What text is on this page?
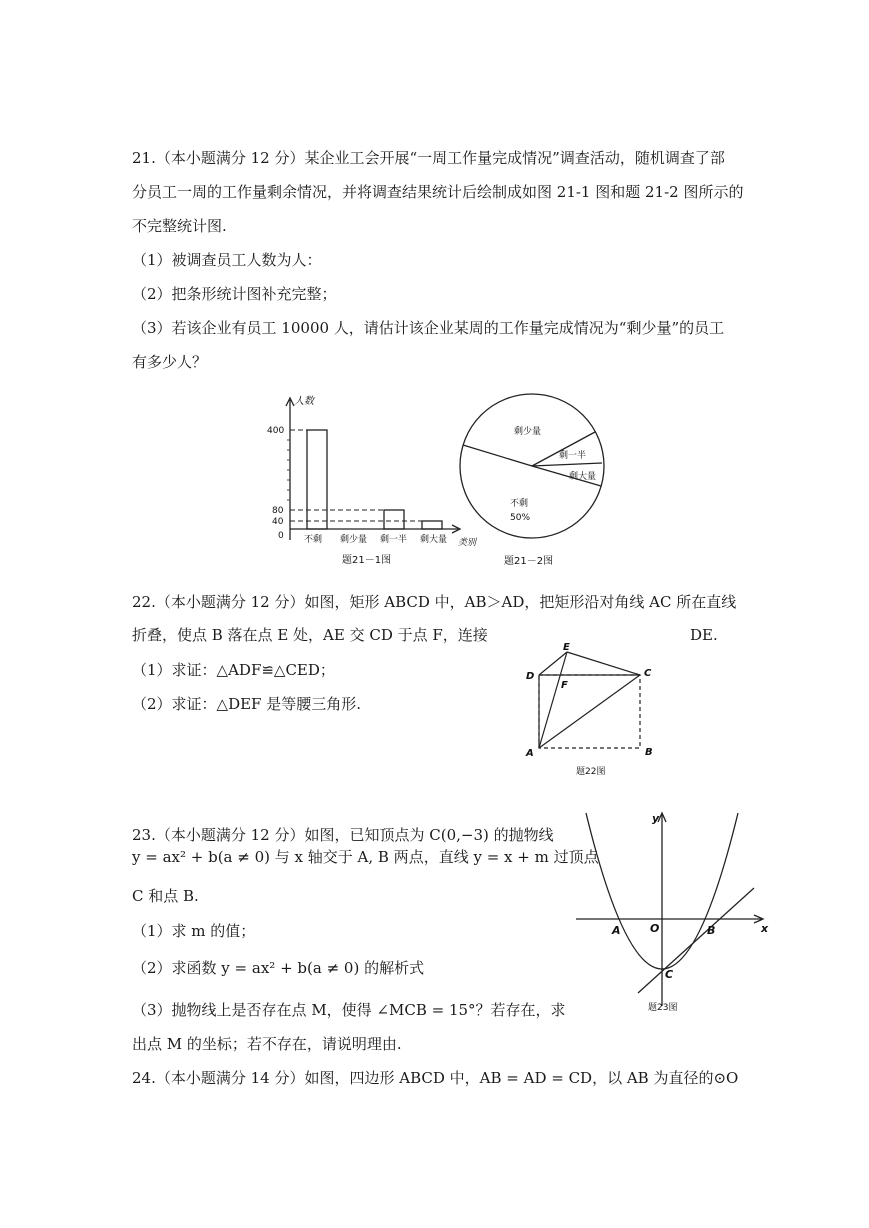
21.（本小题满分 12 分）某企业工会开展“一周工作量完成情况”调查活动，随机调查了部
分员工一周的工作量剩余情况，并将调查结果统计后绘制成如图 21-1 图和题 21-2 图所示的
不完整统计图.
（1）被调查员工人数为人：
（2）把条形统计图补充完整；
（3）若该企业有员工 10000 人，请估计该企业某周的工作量完成情况为“剩少量”的员工
有多少人？
人数
400
80
40
0 不剩 剩少量 剩一半 剩大量 类别
题21－1图
剩少量
剩一半
剩大量
不剩
50%
题21－2图
22.（本小题满分 12 分）如图，矩形 ABCD 中，AB＞AD，把矩形沿对角线 AC 所在直线
折叠，使点 B 落在点 E 处，AE 交 CD 于点 F，连接	DE.
（1）求证：△ADF≌△CED；
（2）求证：△DEF 是等腰三角形.
E
D
F
C
A	B
题22图
23.（本小题满分 12 分）如图，已知顶点为 C(0,−3) 的抛物线
y = ax² + b(a ≠ 0) 与 x 轴交于 A, B 两点，直线 y = x + m 过顶点
C 和点 B.
（1）求 m 的值；
（2）求函数 y = ax² + b(a ≠ 0) 的解析式
（3）抛物线上是否存在点 M，使得 ∠MCB = 15°？若存在，求
出点 M 的坐标；若不存在，请说明理由.
y
x
O
A	B
C
题23图
24.（本小题满分 14 分）如图，四边形 ABCD 中，AB = AD = CD，以 AB 为直径的⊙O
